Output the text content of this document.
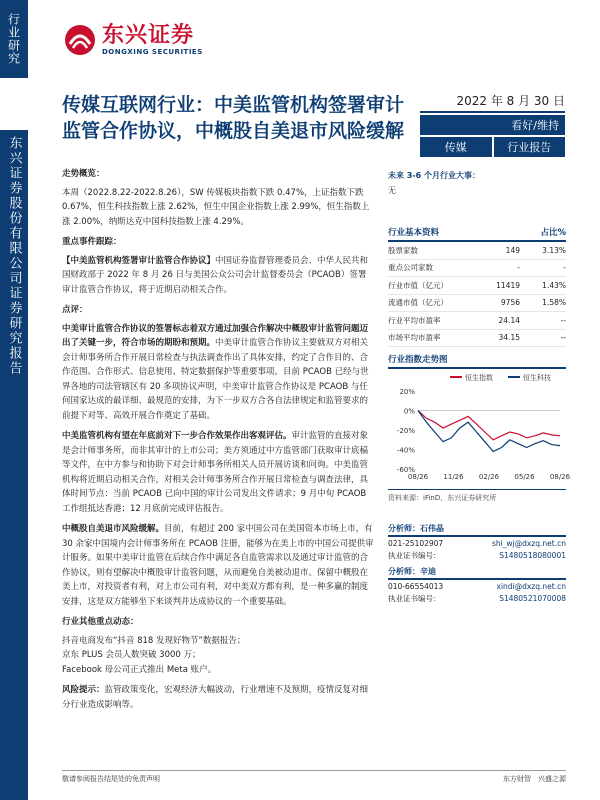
行业研究
东兴证券股份有限公司证券研究报告
东兴证券
DONGXING SECURITIES
传媒互联网行业：中美监管机构签署审计监管合作协议，中概股自美退市风险缓解
2022 年 8 月 30 日
看好/维持
传媒	行业报告
走势概览：

本周（2022.8.22-2022.8.26），SW 传媒板块指数下跌 0.47%，上证指数下跌 0.67%，恒生科技指数上涨 2.62%，恒生中国企业指数上涨 2.99%，恒生指数上涨 2.00%，纳斯达克中国科技指数上涨 4.29%。

重点事件跟踪：

【中美监管机构签署审计监管合作协议】中国证券监督管理委员会、中华人民共和国财政部于 2022 年 8 月 26 日与美国公众公司会计监督委员会（PCAOB）签署审计监管合作协议，将于近期启动相关合作。

点评：

中美审计监管合作协议的签署标志着双方通过加强合作解决中概股审计监管问题迈出了关键一步，符合市场的期盼和预期。中美审计监管合作协议主要就双方对相关会计师事务所合作开展日常检查与执法调查作出了具体安排，约定了合作目的、合作范围、合作形式、信息使用、特定数据保护等重要事项。目前 PCAOB 已经与世界各地的司法管辖区有 20 多项协议声明，中美审计监管合作协议是 PCAOB 与任何国家达成的最详细、最规范的安排，为下一步双方合各自法律规定和监管要求的前提下对等、高效开展合作奠定了基础。

中美监管机构有望在年底前对下一步合作效果作出客观评估。审计监管的直接对象是会计师事务所，而非其审计的上市公司；美方须通过中方监管部门获取审计底稿等文件，在中方参与和协助下对会计师事务所相关人员开展访谈和问询。中美监管机构将近期启动相关合作，对相关会计师事务所合作开展日常检查与调查法律，具体时间节点：当前 PCAOB 已向中国的审计公司发出文件请求；9 月中旬 PCAOB 工作组抵达香港；12 月底前完成评估报告。

中概股自美退市风险缓解。目前，有超过 200 家中国公司在美国资本市场上市，有 30 余家中国境内会计师事务所在 PCAOB 注册，能够为在美上市的中国公司提供审计服务。如果中美审计监管在后续合作中满足各自监管需求以及通过审计监管的合作协议，则有望解决中概股审计监管问题，从而避免自美被动退市。保留中概股在美上市，对投资者有利，对上市公司有利，对中美双方都有利，是一种多赢的制度安排，这是双方能够坐下来谈判并达成协议的一个重要基础。

行业其他重点动态：
抖音电商发布“抖音 818 发现好物节”数据报告；
京东 PLUS 会员人数突破 3000 万；
Facebook 母公司正式推出 Meta 账户。

风险提示：监管政策变化，宏观经济大幅波动，行业增速不及预期，疫情反复对细分行业造成影响等。

未来 3-6 个月行业大事：
无
行业基本资料	占比%
股票家数	149	3.13%
重点公司家数	-	-
行业市值（亿元）	11419	1.43%
流通市值（亿元）	9756	1.58%
行业平均市盈率	24.14	--
市场平均市盈率	34.15	--
行业指数走势图
20%
0%
-20%
-40%
-60%
08/26 11/26 02/26 05/26 08/26
恒生指数	恒生科技
资料来源：iFinD，东兴证券研究所
分析师： 石伟晶
021-25102907	shi_wj@dxzq.net.cn
执业证书编号：	S1480518080001
分析师： 辛迪
010-66554013	xindi@dxzq.net.cn
执业证书编号：	S1480521070008
敬请参阅报告结尾处的免责声明	东方财智　兴盛之源
